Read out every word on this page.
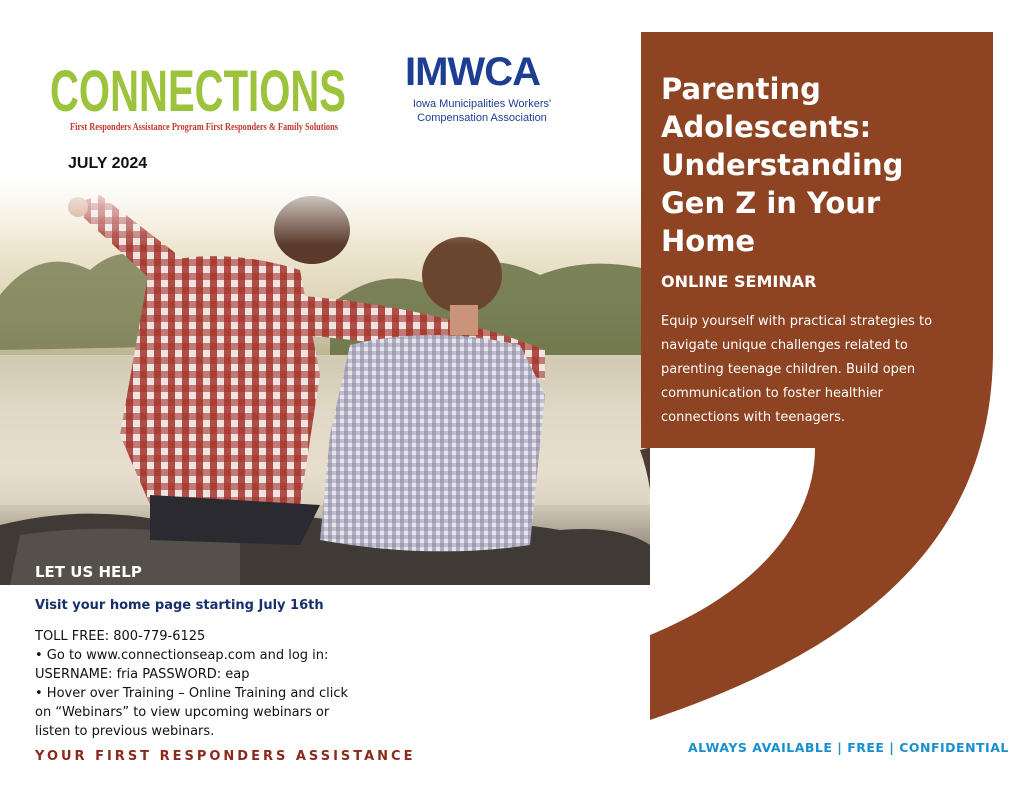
CONNECTIONS
First Responders Assistance Program First Responders & Family Solutions
IMWCA
Iowa Municipalities Workers'
Compensation Association
JULY 2024
Parenting Adolescents: Understanding Gen Z in Your Home
ONLINE SEMINAR
Equip yourself with practical strategies to navigate unique challenges related to parenting teenage children. Build open communication to foster healthier connections with teenagers.
LET US HELP
Visit your home page starting July 16th
TOLL FREE: 800-779-6125
• Go to www.connectionseap.com and log in:
USERNAME: fria PASSWORD: eap
• Hover over Training – Online Training and click
on “Webinars” to view upcoming webinars or
listen to previous webinars.
YOUR FIRST RESPONDERS ASSISTANCE
ALWAYS AVAILABLE | FREE | CONFIDENTIAL
